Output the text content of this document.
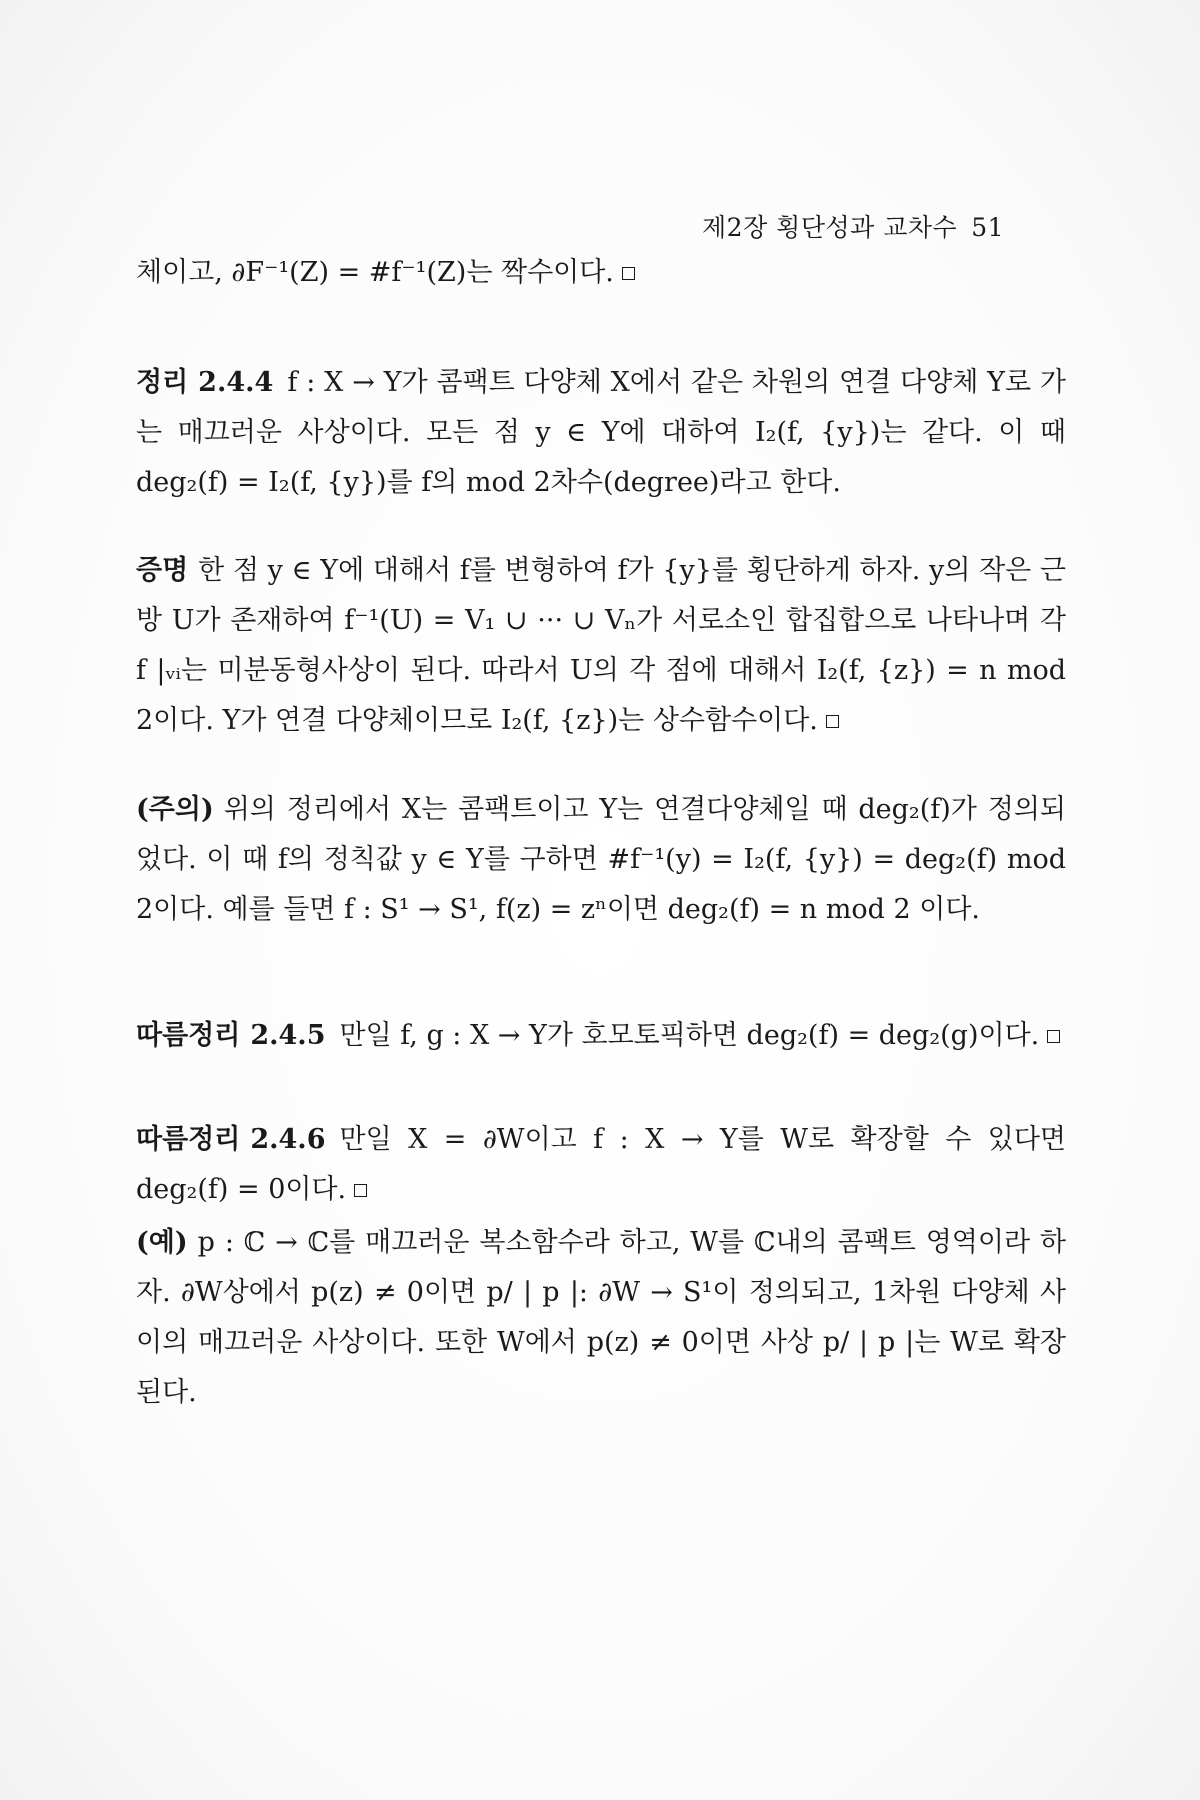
제2장 횡단성과 교차수 51
체이고, ∂F⁻¹(Z) = #f⁻¹(Z)는 짝수이다.
정리 2.4.4 f : X → Y가 콤팩트 다양체 X에서 같은 차원의 연결 다양체 Y로 가는 매끄러운 사상이다. 모든 점 y ∈ Y에 대하여 I₂(f, {y})는 같다. 이 때 deg₂(f) = I₂(f, {y})를 f의 mod 2차수(degree)라고 한다.
증명 한 점 y ∈ Y에 대해서 f를 변형하여 f가 {y}를 횡단하게 하자. y의 작은 근방 U가 존재하여 f⁻¹(U) = V₁ ∪ ··· ∪ Vₙ가 서로소인 합집합으로 나타나며 각 f |ᵥᵢ는 미분동형사상이 된다. 따라서 U의 각 점에 대해서 I₂(f, {z}) = n mod 2이다. Y가 연결 다양체이므로 I₂(f, {z})는 상수함수이다.
(주의) 위의 정리에서 X는 콤팩트이고 Y는 연결다양체일 때 deg₂(f)가 정의되었다. 이 때 f의 정칙값 y ∈ Y를 구하면 #f⁻¹(y) = I₂(f, {y}) = deg₂(f) mod 2이다. 예를 들면 f : S¹ → S¹, f(z) = zⁿ이면 deg₂(f) = n mod 2 이다.
따름정리 2.4.5 만일 f, g : X → Y가 호모토픽하면 deg₂(f) = deg₂(g)이다.
따름정리 2.4.6 만일 X = ∂W이고 f : X → Y를 W로 확장할 수 있다면 deg₂(f) = 0이다.
(예) p : ℂ → ℂ를 매끄러운 복소함수라 하고, W를 ℂ내의 콤팩트 영역이라 하자. ∂W상에서 p(z) ≠ 0이면 p/ | p |: ∂W → S¹이 정의되고, 1차원 다양체 사이의 매끄러운 사상이다. 또한 W에서 p(z) ≠ 0이면 사상 p/ | p |는 W로 확장된다.
